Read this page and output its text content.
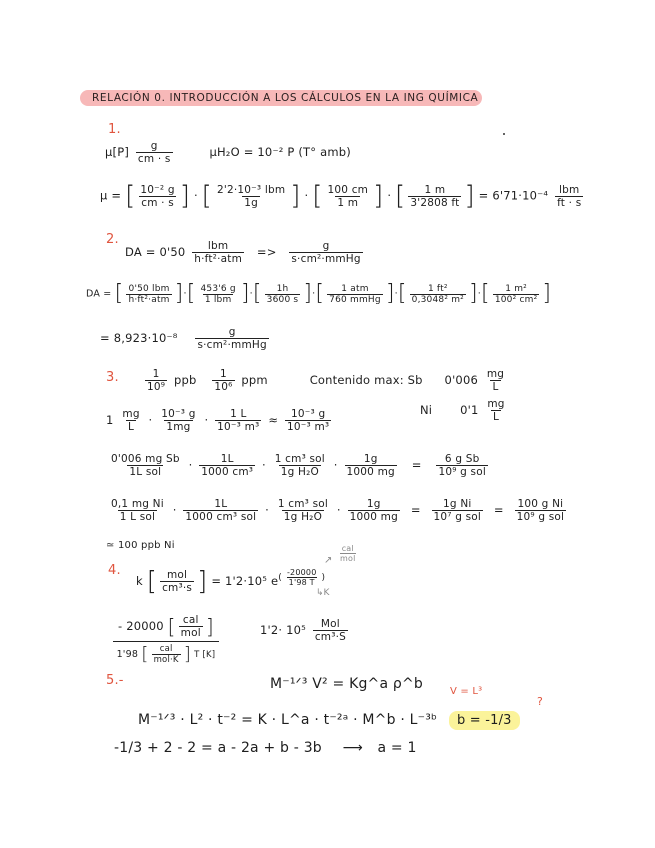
RELACIÓN 0. INTRODUCCIÓN A LOS CÁLCULOS EN LA ING QUÍMICA
1.
$\mu[P] \frac{g}{cm \cdot s}$	μH₂O = 10⁻² P (T° amb)
μ = [ $\frac{\text{10⁻² g}}{cm \cdot s}$ ] · [ $\frac{\text{2'2·10⁻³ lbm}}{1g}$ ] · [ $\frac{100 cm}{1 m}$ ] · [ $\frac{1 m}{3'2808 ft}$ ] = $6'71\cdot 10^{-4} \frac{\text{lbm}}{ft \cdot s}$
2.
DA = $0'50 \frac{\text{lbm}}{\text{h·ft²·atm}} => \frac{g}{\text{s·cm²·mmHg}}$
DA = [ $\frac{\text{0'50 lbm}}{\text{h·ft²·atm}}$ ]·[ $\frac{453'6 g}{\text{1 lbm}}$ ]·[ $\frac{1h}{3600 s}$ ]·[ $\frac{\text{1 atm}}{\text{760 mmHg}}$ ]·[ $\frac{\text{1 ft²}}{\text{0,3048² m²}}$ ]·[ $\frac{\text{1 m²}}{\text{100² cm²}}$ ]
= $8,923\cdot 10^{-8} \frac{g}{\text{s·cm²·mmHg}}$
3. $\frac{1}{\text{10⁹}}$ ppb $\frac{1}{\text{10⁶}}$ ppm	Contenido max: Sb $0'006 \frac{mg}{L}$
Ni $0'1 \frac{mg}{L}$
$1 \frac{mg}{L} \cdot \frac{\text{10⁻³ g}}{1mg} \cdot \frac{1 L}{\text{10⁻³ m³}} \approx \frac{\text{10⁻³ g}}{\text{10⁻³ m³}}$
$\frac{\text{0'006 mg Sb}}{\text{1L sol}} \cdot \frac{1L}{\text{1000 cm³}} \cdot \frac{\text{1 cm³ sol}}{\text{1g H₂O}} \cdot \frac{1g}{1000 mg} = \frac{\text{6 g Sb}}{\text{10⁹ g sol}}$
$\frac{\text{0,1 mg Ni}}{\text{1 L sol}} \cdot \frac{1L}{\text{1000 cm³ sol}} \cdot \frac{\text{1 cm³ sol}}{\text{1g H₂O}} \cdot \frac{1g}{1000 mg} = \frac{\text{1g Ni}}{\text{10⁷ g sol}} = \frac{\text{100 g Ni}}{\text{10⁹ g sol}}$
≃ 100 ppb Ni
4.
cal
mol
↗
↳K
k [ $\frac{\text{mol}}{\text{cm³·s}}$ ] = 1'2·10⁵ $e^{( \frac{-20000}{1'98 T} )}$
- 20000 [ $\frac{\text{cal}}{\text{mol}}$ ]
1'98 [ $\frac{\text{cal}}{\text{mol·K}}$ ] T [K]
$1'2\cdot 10^5 \frac{\text{Mol}}{\text{cm³·S}}$
5.-	M⁻¹ᐟ³ V² = Kg^a ρ^b	V = L³
M⁻¹ᐟ³ · L² · t⁻² = K · L^a · t⁻²ᵃ · M^b · L⁻³ᵇ	b = -1/3
?
-1/3 + 2 - 2 = a - 2a + b - 3b ⟶ a = 1
